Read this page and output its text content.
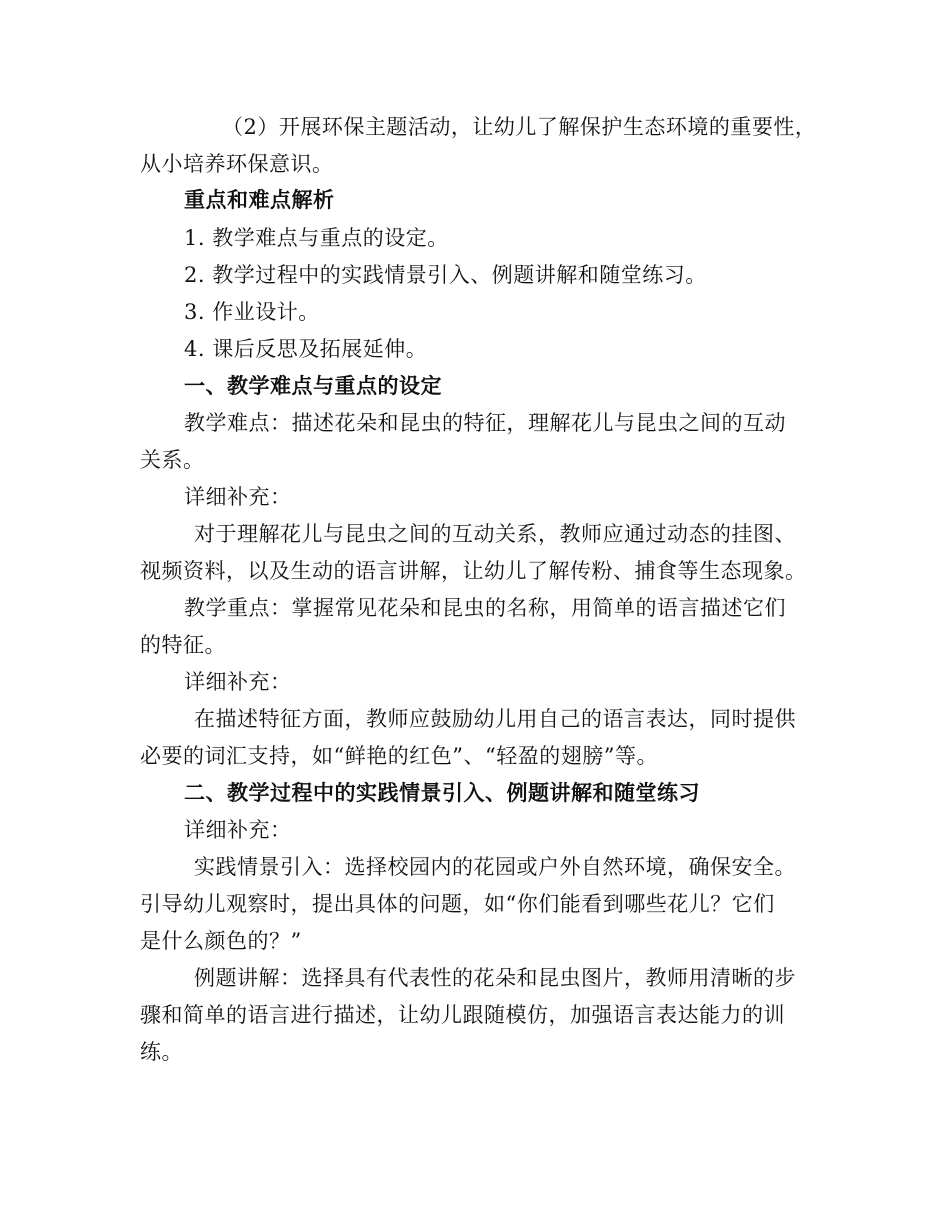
（2）开展环保主题活动，让幼儿了解保护生态环境的重要性，
从小培养环保意识。
重点和难点解析
1. 教学难点与重点的设定。
2. 教学过程中的实践情景引入、例题讲解和随堂练习。
3. 作业设计。
4. 课后反思及拓展延伸。
一、教学难点与重点的设定
教学难点：描述花朵和昆虫的特征，理解花儿与昆虫之间的互动
关系。
详细补充：
对于理解花儿与昆虫之间的互动关系，教师应通过动态的挂图、
视频资料，以及生动的语言讲解，让幼儿了解传粉、捕食等生态现象。
教学重点：掌握常见花朵和昆虫的名称，用简单的语言描述它们
的特征。
详细补充：
在描述特征方面，教师应鼓励幼儿用自己的语言表达，同时提供
必要的词汇支持，如“鲜艳的红色”、“轻盈的翅膀”等。
二、教学过程中的实践情景引入、例题讲解和随堂练习
详细补充：
实践情景引入：选择校园内的花园或户外自然环境，确保安全。
引导幼儿观察时，提出具体的问题，如“你们能看到哪些花儿？它们
是什么颜色的？”
例题讲解：选择具有代表性的花朵和昆虫图片，教师用清晰的步
骤和简单的语言进行描述，让幼儿跟随模仿，加强语言表达能力的训
练。
